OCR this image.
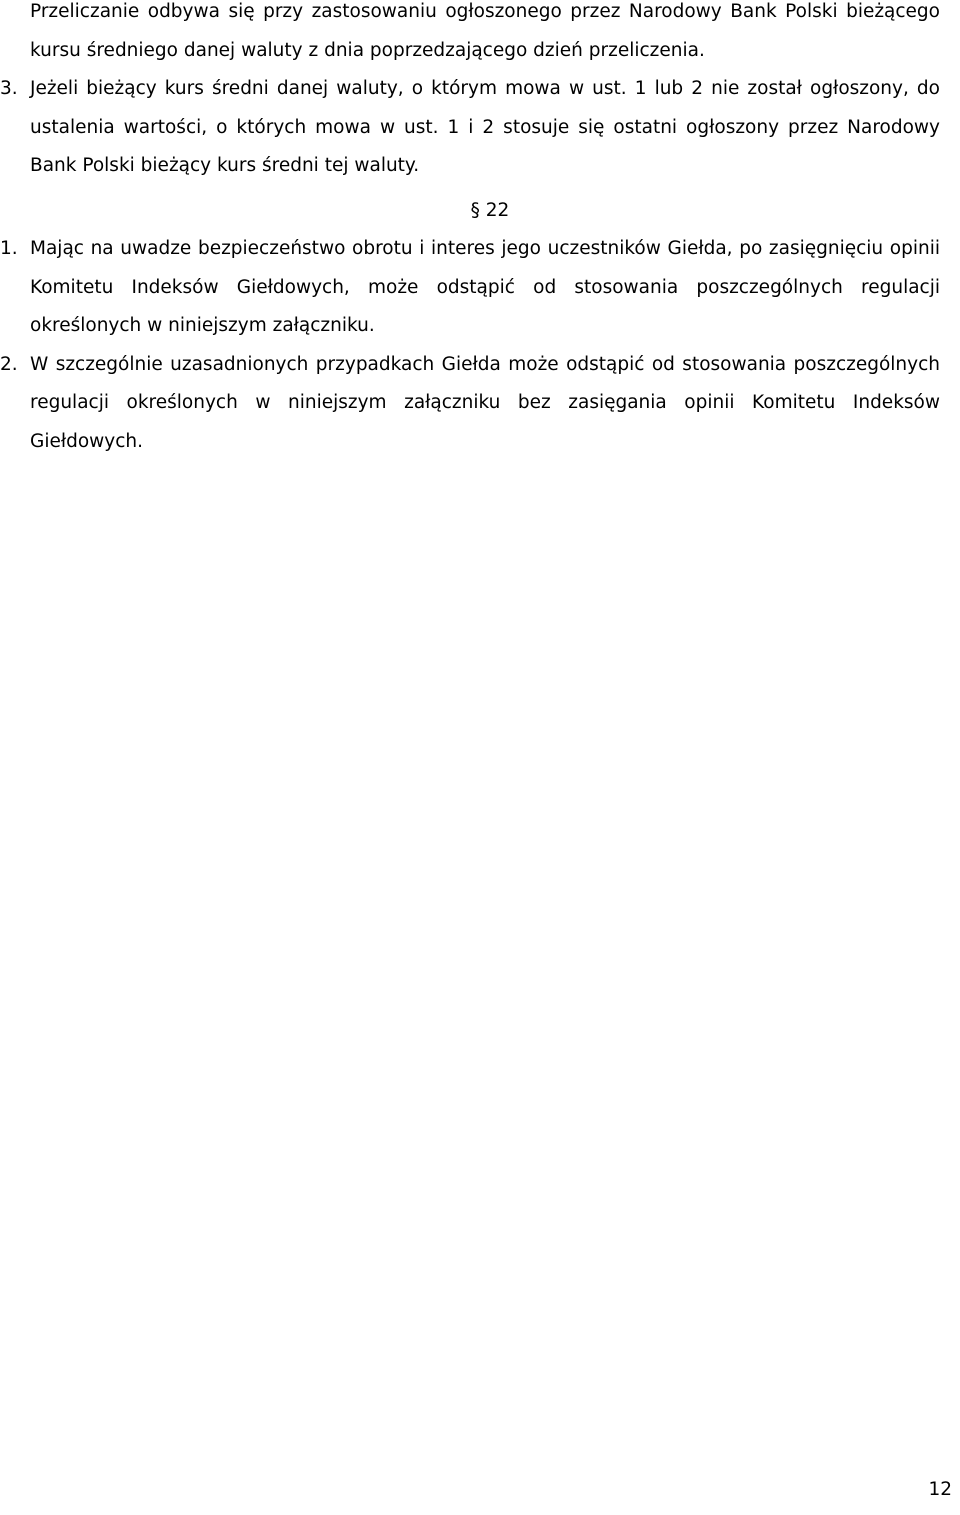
Przeliczanie odbywa się przy zastosowaniu ogłoszonego przez Narodowy Bank Polski bieżącego kursu średniego danej waluty z dnia poprzedzającego dzień przeliczenia.

3. Jeżeli bieżący kurs średni danej waluty, o którym mowa w ust. 1 lub 2 nie został ogłoszony, do ustalenia wartości, o których mowa w ust. 1 i 2 stosuje się ostatni ogłoszony przez Narodowy Bank Polski bieżący kurs średni tej waluty.

§ 22

1. Mając na uwadze bezpieczeństwo obrotu i interes jego uczestników Giełda, po zasięgnięciu opinii Komitetu Indeksów Giełdowych, może odstąpić od stosowania poszczególnych regulacji określonych w niniejszym załączniku.

2. W szczególnie uzasadnionych przypadkach Giełda może odstąpić od stosowania poszczególnych regulacji określonych w niniejszym załączniku bez zasięgania opinii Komitetu Indeksów Giełdowych.

12
